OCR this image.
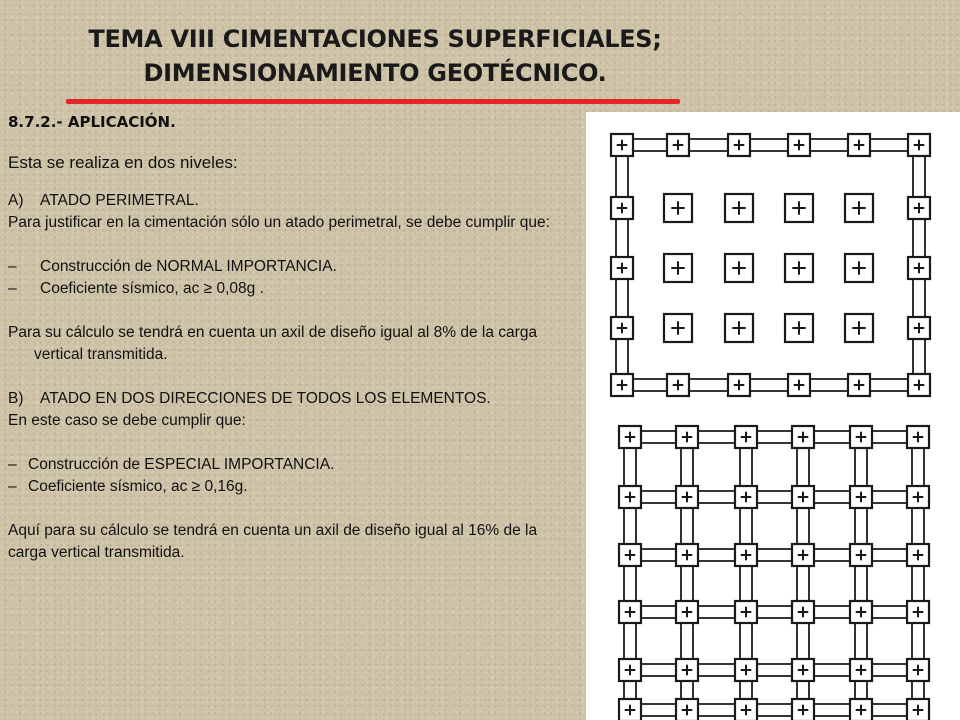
TEMA VIII CIMENTACIONES SUPERFICIALES;
DIMENSIONAMIENTO GEOTÉCNICO.

8.7.2.- APLICACIÓN.

Esta se realiza en dos niveles:

A) ATADO PERIMETRAL.

Para justificar en la cimentación sólo un atado perimetral, se debe cumplir que:

– Construcción de NORMAL IMPORTANCIA.

– Coeficiente sísmico, ac ≥ 0,08g .

Para su cálculo se tendrá en cuenta un axil de diseño igual al 8% de la carga vertical transmitida.

B) ATADO EN DOS DIRECCIONES DE TODOS LOS ELEMENTOS.

En este caso se debe cumplir que:

– Construcción de ESPECIAL IMPORTANCIA.

– Coeficiente sísmico, ac ≥ 0,16g.

Aquí para su cálculo se tendrá en cuenta un axil de diseño igual al 16% de la carga vertical transmitida.
